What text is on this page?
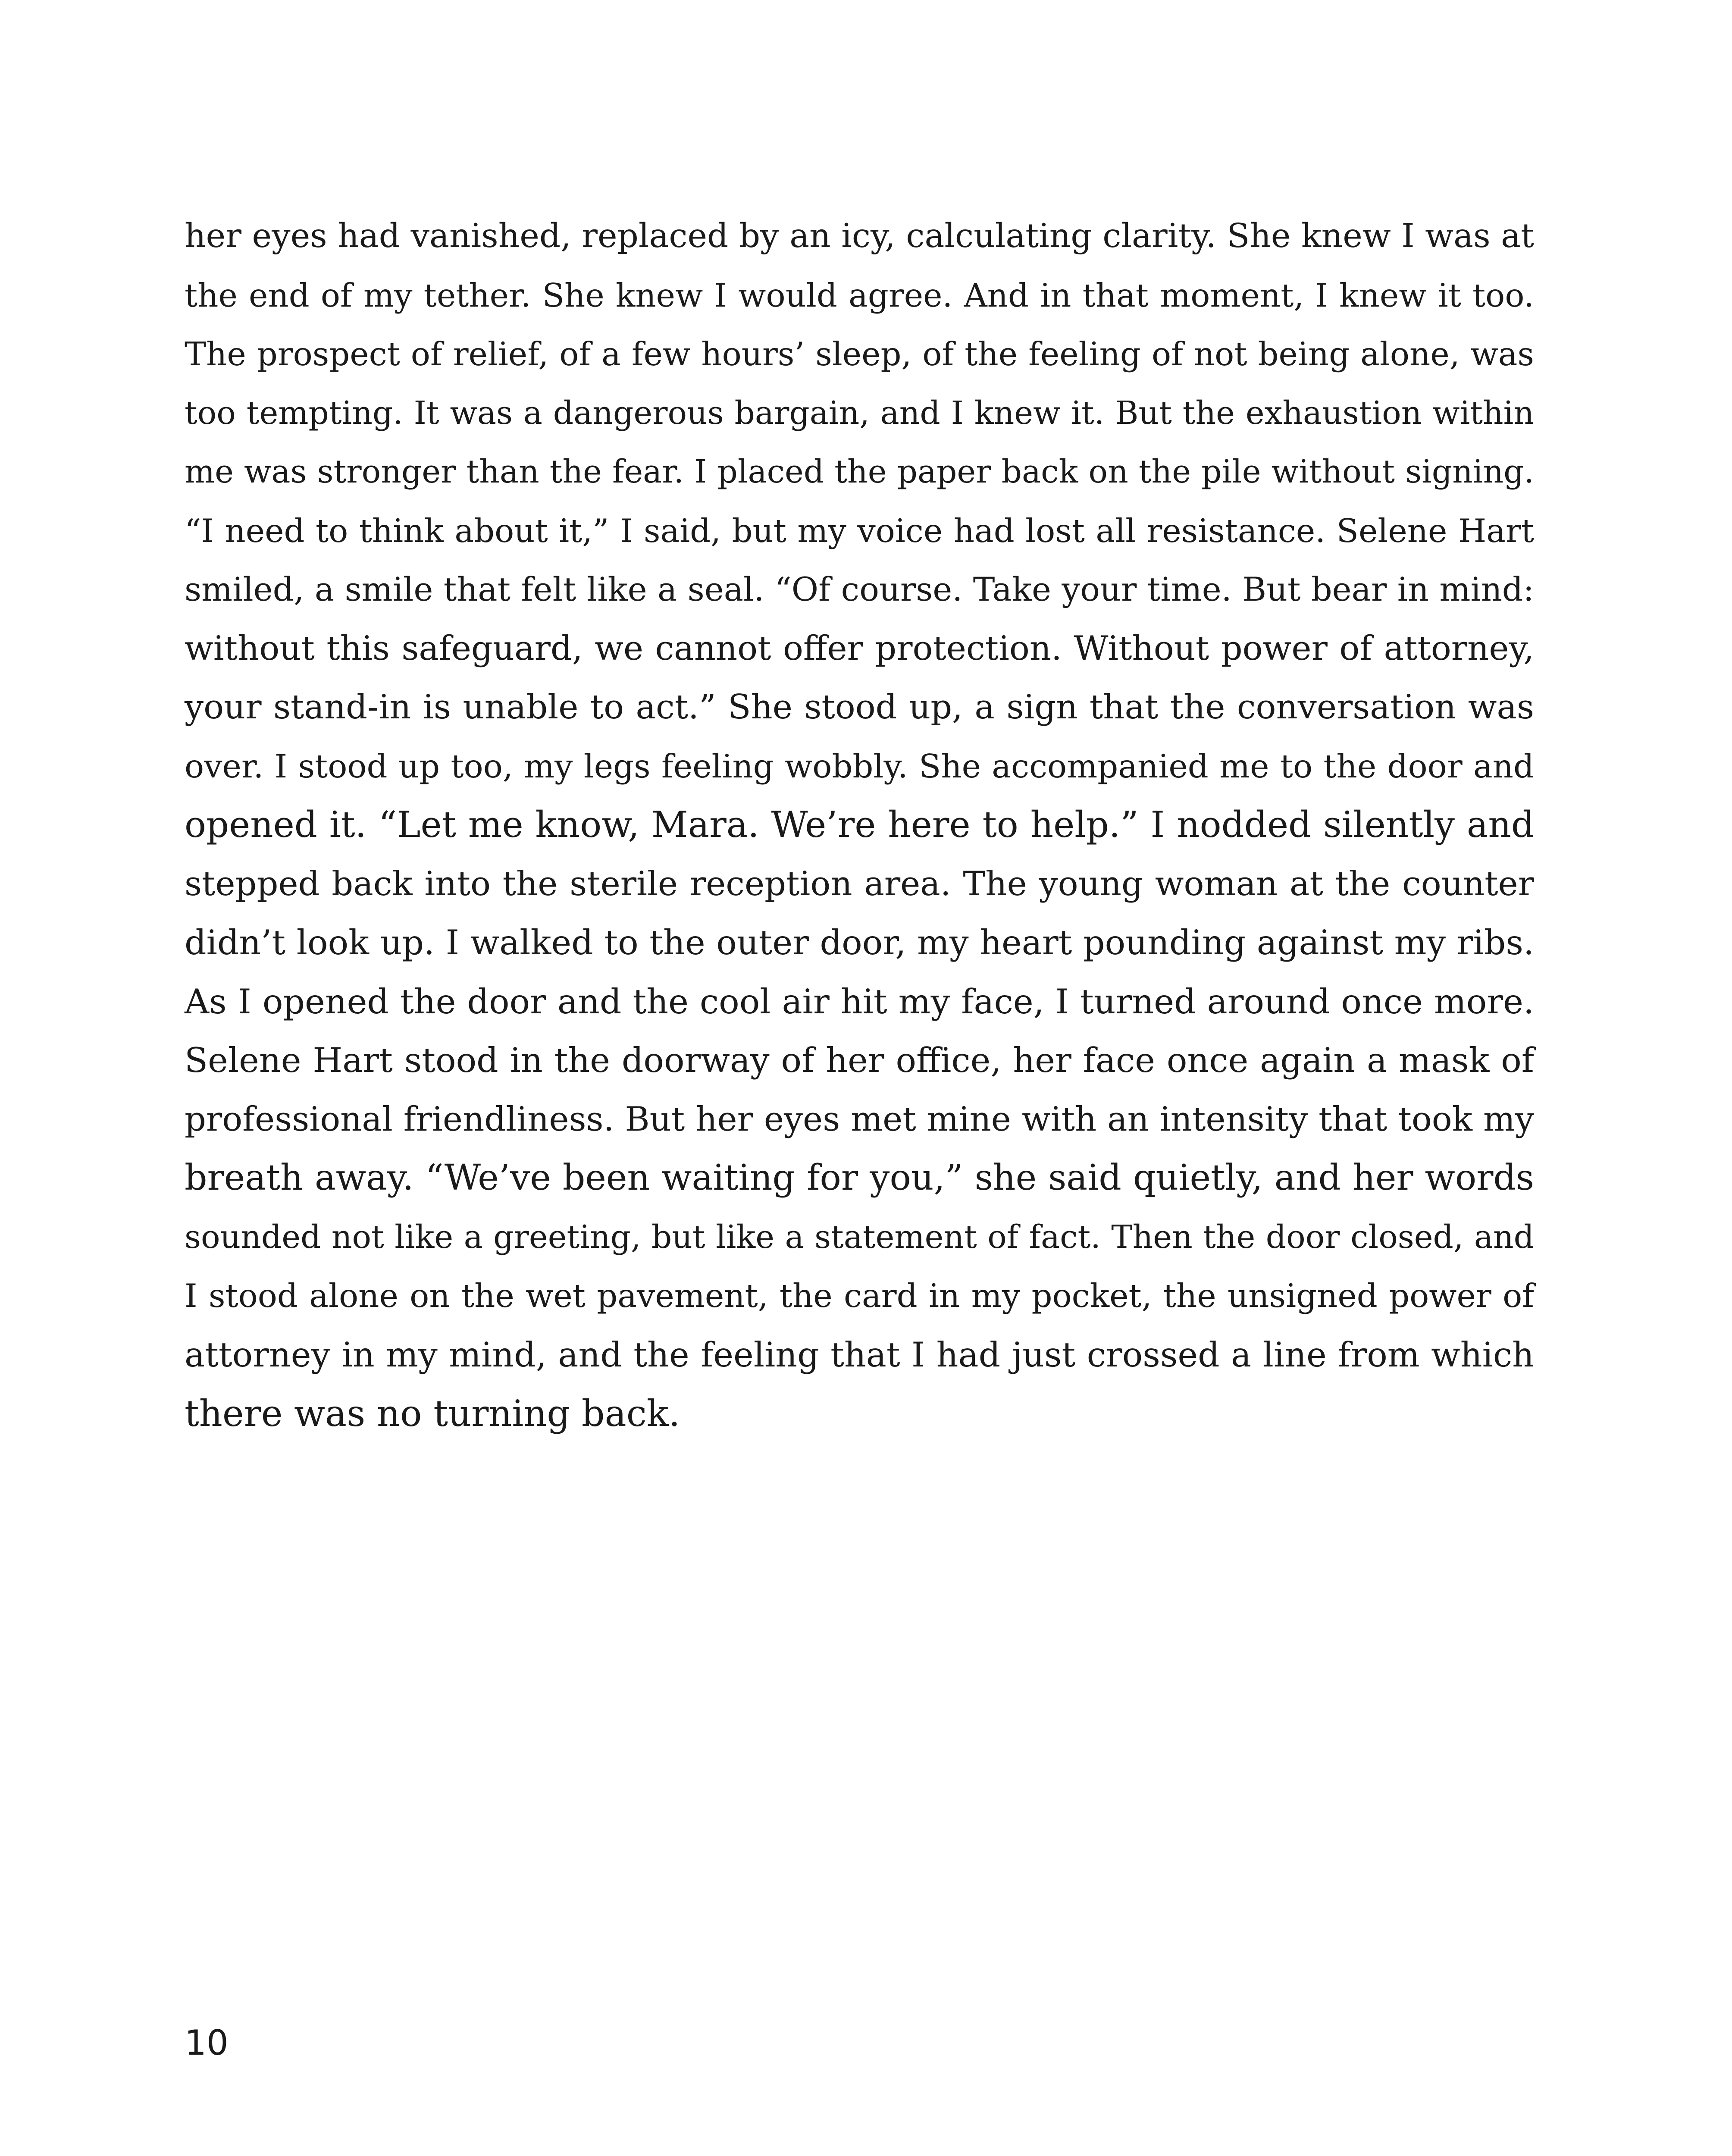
her eyes had vanished, replaced by an icy, calculating clarity. She knew I was at
the end of my tether. She knew I would agree. And in that moment, I knew it too.
The prospect of relief, of a few hours’ sleep, of the feeling of not being alone, was
too tempting. It was a dangerous bargain, and I knew it. But the exhaustion within
me was stronger than the fear. I placed the paper back on the pile without signing.
“I need to think about it,” I said, but my voice had lost all resistance. Selene Hart
smiled, a smile that felt like a seal. “Of course. Take your time. But bear in mind:
without this safeguard, we cannot offer protection. Without power of attorney,
your stand-in is unable to act.” She stood up, a sign that the conversation was
over. I stood up too, my legs feeling wobbly. She accompanied me to the door and
opened it. “Let me know, Mara. We’re here to help.” I nodded silently and
stepped back into the sterile reception area. The young woman at the counter
didn’t look up. I walked to the outer door, my heart pounding against my ribs.
As I opened the door and the cool air hit my face, I turned around once more.
Selene Hart stood in the doorway of her office, her face once again a mask of
professional friendliness. But her eyes met mine with an intensity that took my
breath away. “We’ve been waiting for you,” she said quietly, and her words
sounded not like a greeting, but like a statement of fact. Then the door closed, and
I stood alone on the wet pavement, the card in my pocket, the unsigned power of
attorney in my mind, and the feeling that I had just crossed a line from which
there was no turning back.
10
